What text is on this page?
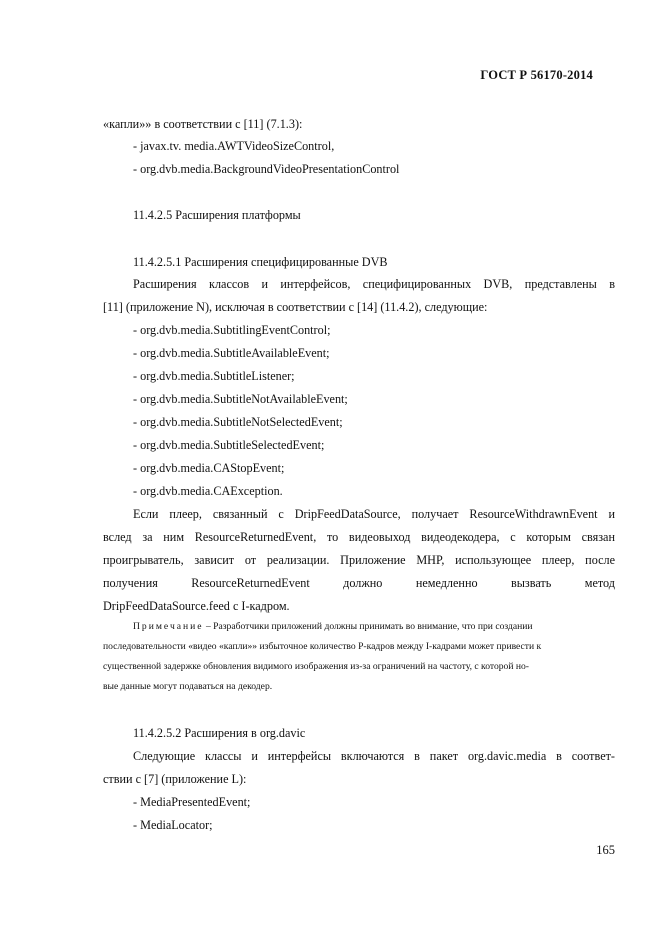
ГОСТ Р 56170-2014
«капли»» в соответствии с [11] (7.1.3):
- javax.tv. media.AWTVideoSizeControl,
- org.dvb.media.BackgroundVideoPresentationControl
11.4.2.5 Расширения платформы
11.4.2.5.1 Расширения специфицированные DVB
Расширения классов и интерфейсов, специфицированных DVB, представлены в
[11] (приложение N), исключая в соответствии с [14] (11.4.2), следующие:
- org.dvb.media.SubtitlingEventControl;
- org.dvb.media.SubtitleAvailableEvent;
- org.dvb.media.SubtitleListener;
- org.dvb.media.SubtitleNotAvailableEvent;
- org.dvb.media.SubtitleNotSelectedEvent;
- org.dvb.media.SubtitleSelectedEvent;
- org.dvb.media.CAStopEvent;
- org.dvb.media.CAException.
Если плеер, связанный с DripFeedDataSource, получает ResourceWithdrawnEvent и
вслед за ним ResourceReturnedEvent, то видеовыход видеодекодера, с которым связан
проигрыватель, зависит от реализации. Приложение MHP, использующее плеер, после
получения ResourceReturnedEvent должно немедленно вызвать метод
DripFeedDataSource.feed с I-кадром.
Примечание – Разработчики приложений должны принимать во внимание, что при создании
последовательности «видео «капли»» избыточное количество P-кадров между I-кадрами может привести к
существенной задержке обновления видимого изображения из-за ограничений на частоту, с которой но-
вые данные могут подаваться на декодер.
11.4.2.5.2 Расширения в org.davic
Следующие классы и интерфейсы включаются в пакет org.davic.media в соответ-
ствии с [7] (приложение L):
- MediaPresentedEvent;
- MediaLocator;
165
